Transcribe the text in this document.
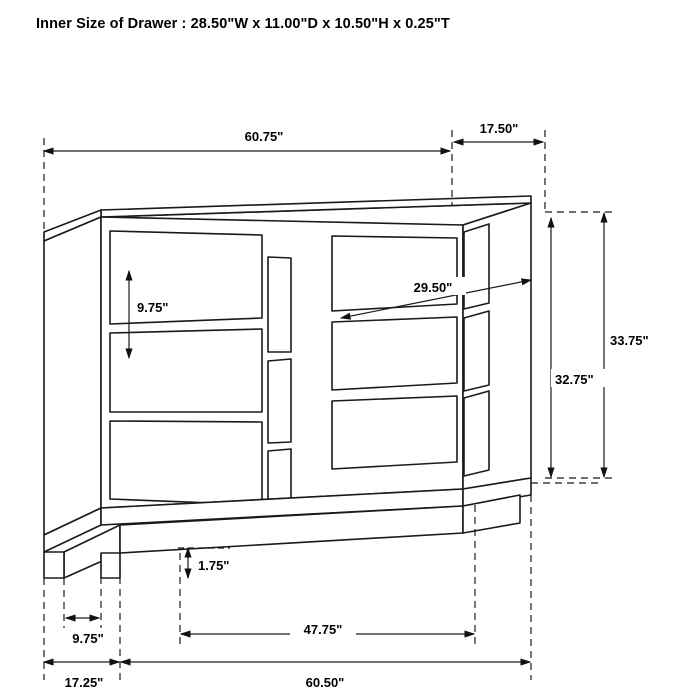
Inner Size of Drawer : 28.50"W x 11.00"D x 10.50"H x 0.25"T
60.75"
17.50"
9.75"
29.50"
33.75"
32.75"
1.75"
9.75"
47.75"
17.25"	60.50"
